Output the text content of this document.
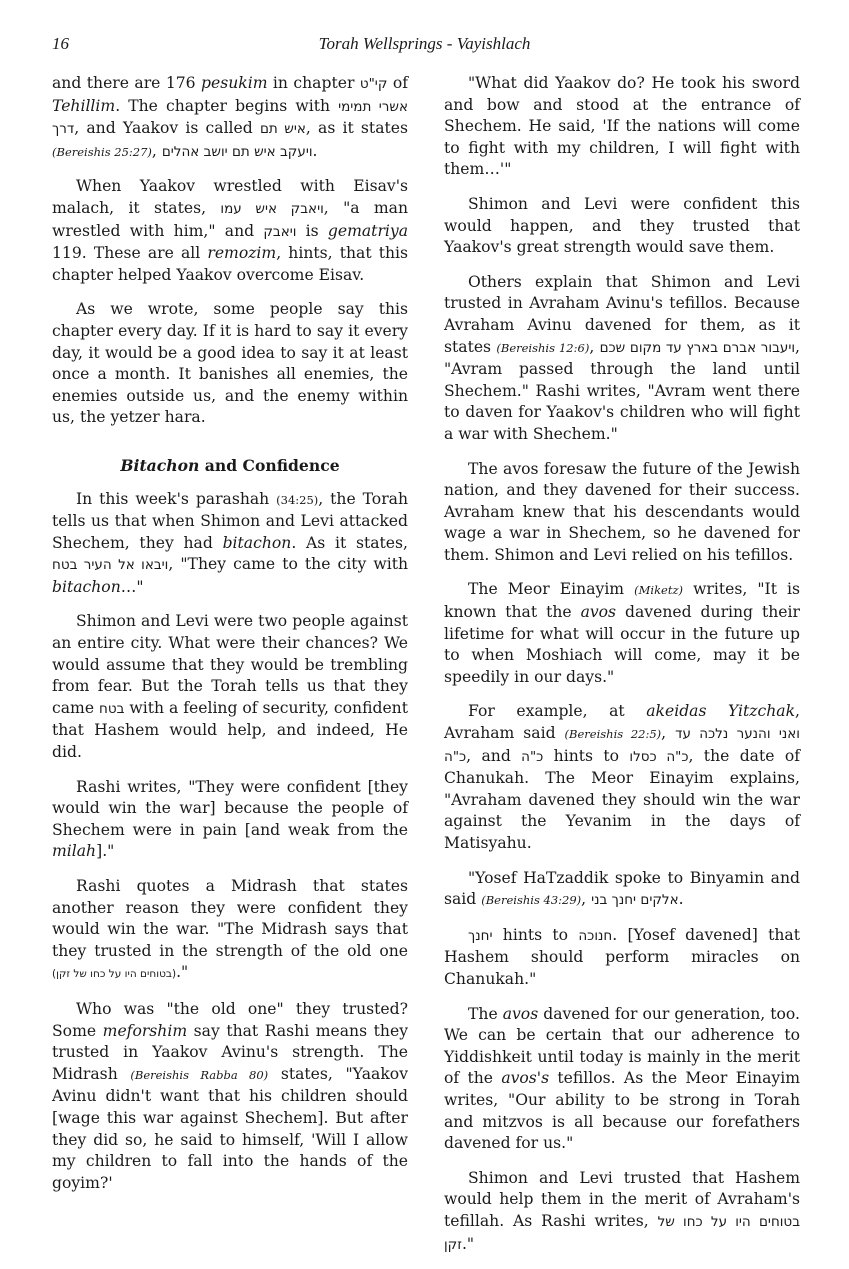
16	Torah Wellsprings - Vayishlach

and there are 176 pesukim in chapter קי"ט of Tehillim. The chapter begins with אשרי תמימי דרך, and Yaakov is called איש תם, as it states (Bereishis 25:27), ויעקב איש תם יושב אהלים.

When Yaakov wrestled with Eisav's malach, it states, ויאבק איש עמו, "a man wrestled with him," and ויאבק is gematriya 119. These are all remozim, hints, that this chapter helped Yaakov overcome Eisav.

As we wrote, some people say this chapter every day. If it is hard to say it every day, it would be a good idea to say it at least once a month. It banishes all enemies, the enemies outside us, and the enemy within us, the yetzer hara.

Bitachon and Confidence

In this week's parashah (34:25), the Torah tells us that when Shimon and Levi attacked Shechem, they had bitachon. As it states, ויבאו אל העיר בטח, "They came to the city with bitachon…"

Shimon and Levi were two people against an entire city. What were their chances? We would assume that they would be trembling from fear. But the Torah tells us that they came בטח with a feeling of security, confident that Hashem would help, and indeed, He did.

Rashi writes, "They were confident [they would win the war] because the people of Shechem were in pain [and weak from the milah]."

Rashi quotes a Midrash that states another reason they were confident they would win the war. "The Midrash says that they trusted in the strength of the old one (בטוחים היו על כחו של זקן)."

Who was "the old one" they trusted? Some meforshim say that Rashi means they trusted in Yaakov Avinu's strength. The Midrash (Bereishis Rabba 80) states, "Yaakov Avinu didn't want that his children should [wage this war against Shechem]. But after they did so, he said to himself, 'Will I allow my children to fall into the hands of the goyim?'

"What did Yaakov do? He took his sword and bow and stood at the entrance of Shechem. He said, 'If the nations will come to fight with my children, I will fight with them…'"

Shimon and Levi were confident this would happen, and they trusted that Yaakov's great strength would save them.

Others explain that Shimon and Levi trusted in Avraham Avinu's tefillos. Because Avraham Avinu davened for them, as it states (Bereishis 12:6), ויעבור אברם בארץ עד מקום שכם, "Avram passed through the land until Shechem." Rashi writes, "Avram went there to daven for Yaakov's children who will fight a war with Shechem."

The avos foresaw the future of the Jewish nation, and they davened for their success. Avraham knew that his descendants would wage a war in Shechem, so he davened for them. Shimon and Levi relied on his tefillos.

The Meor Einayim (Miketz) writes, "It is known that the avos davened during their lifetime for what will occur in the future up to when Moshiach will come, may it be speedily in our days."

For example, at akeidas Yitzchak, Avraham said (Bereishis 22:5), ואני והנער נלכה עד כ"ה, and כ"ה hints to כ"ה כסלו, the date of Chanukah. The Meor Einayim explains, "Avraham davened they should win the war against the Yevanim in the days of Matisyahu.

"Yosef HaTzaddik spoke to Binyamin and said (Bereishis 43:29), אלקים יחנך בני.

יחנך hints to חנוכה. [Yosef davened] that Hashem should perform miracles on Chanukah."

The avos davened for our generation, too. We can be certain that our adherence to Yiddishkeit until today is mainly in the merit of the avos's tefillos. As the Meor Einayim writes, "Our ability to be strong in Torah and mitzvos is all because our forefathers davened for us."

Shimon and Levi trusted that Hashem would help them in the merit of Avraham's tefillah. As Rashi writes, בטוחים היו על כחו של זקן."
